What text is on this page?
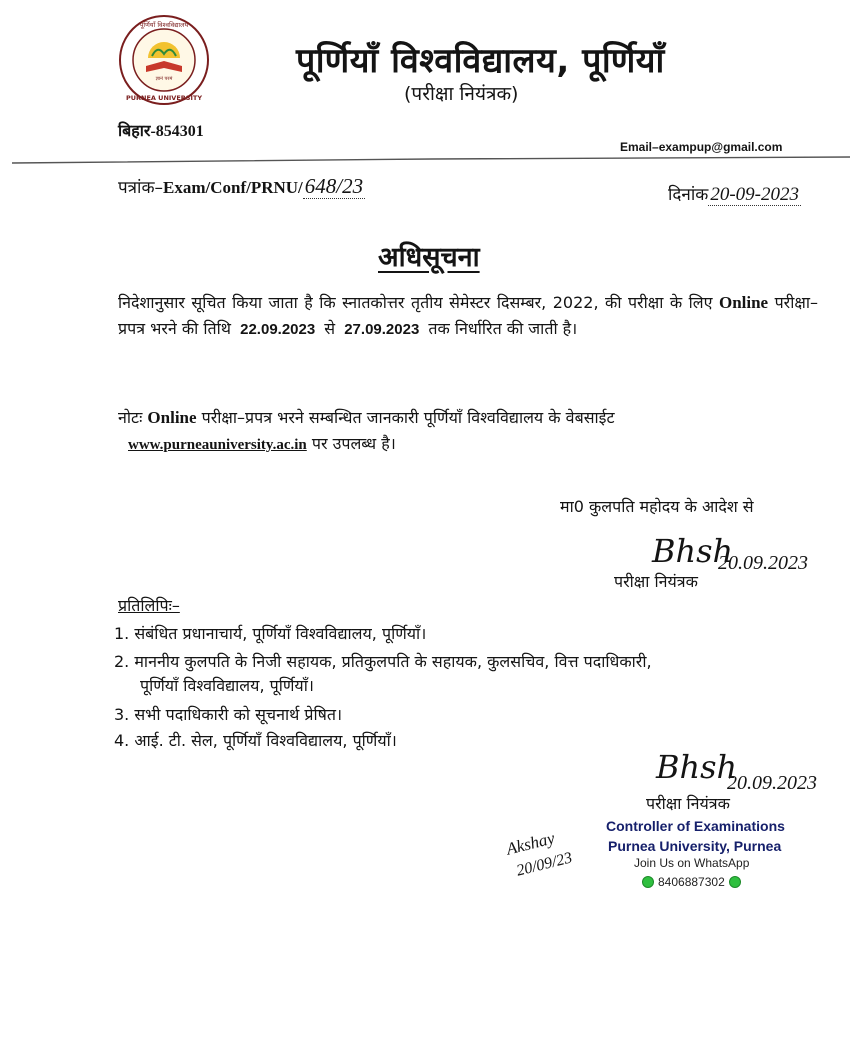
ज्ञानं परमं
पूर्णियाँ विश्वविद्यालय
PURNEA UNIVERSITY
पूर्णियाँ विश्वविद्यालय, पूर्णियाँ
(परीक्षा नियंत्रक)
बिहार-854301
Email–exampup@gmail.com
पत्रांक–Exam/Conf/PRNU/648/23	दिनांक 20-09-2023
अधिसूचना
निदेशानुसार सूचित किया जाता है कि स्नातकोत्तर तृतीय सेमेस्टर दिसम्बर, 2022, की परीक्षा के लिए Online परीक्षा–प्रपत्र भरने की तिथि 22.09.2023 से 27.09.2023 तक निर्धारित की जाती है।
नोटः Online परीक्षा–प्रपत्र भरने सम्बन्धित जानकारी पूर्णियाँ विश्वविद्यालय के वेबसाईट
www.purneauniversity.ac.in पर उपलब्ध है।
मा0 कुलपति महोदय के आदेश से
Bhsh
20.09.2023
परीक्षा नियंत्रक
प्रतिलिपिः–
1. संबंधित प्रधानाचार्य, पूर्णियाँ विश्वविद्यालय, पूर्णियाँ।
2. माननीय कुलपति के निजी सहायक, प्रतिकुलपति के सहायक, कुलसचिव, वित्त पदाधिकारी,
पूर्णियाँ विश्वविद्यालय, पूर्णियाँ।
3. सभी पदाधिकारी को सूचनार्थ प्रेषित।
4. आई. टी. सेल, पूर्णियाँ विश्वविद्यालय, पूर्णियाँ।
Bhsh
20.09.2023
परीक्षा नियंत्रक
Controller of Examinations
Purnea University, Purnea
Akshay
20/09/23	Join Us on WhatsApp
8406887302
